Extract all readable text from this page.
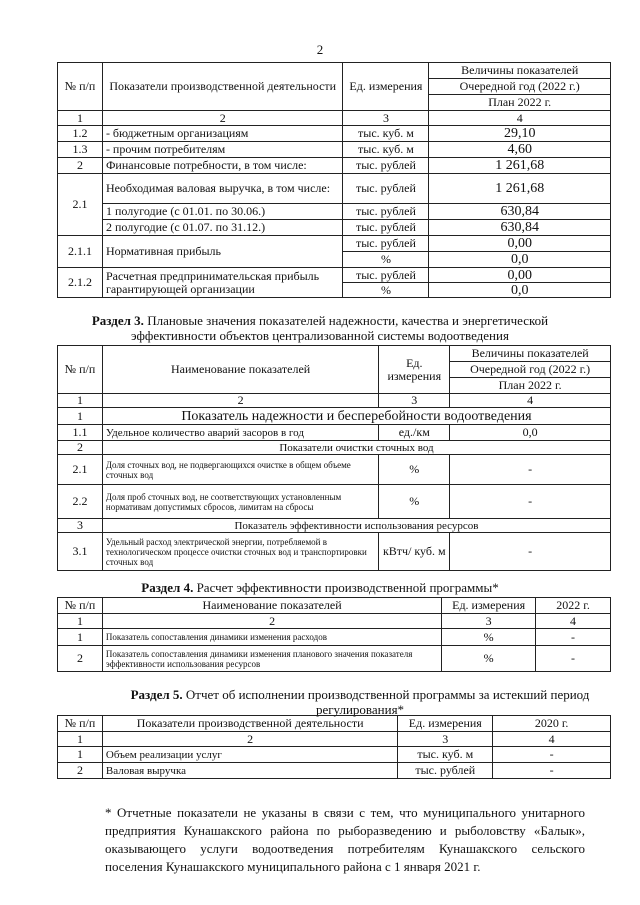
2
№ п/п	Показатели производственной деятельности	Ед. измерения	Величины показателей
			Очередной год (2022 г.)
			План 2022 г.
1	2	3	4
1.2	- бюджетным организациям	тыс. куб. м	29,10
1.3	- прочим потребителям	тыс. куб. м	4,60
2	Финансовые потребности, в том числе:	тыс. рублей	1 261,68
2.1	Необходимая валовая выручка, в том числе:	тыс. рублей	1 261,68
	1 полугодие (с 01.01. по 30.06.)	тыс. рублей	630,84
	2 полугодие (с 01.07. по 31.12.)	тыс. рублей	630,84
2.1.1	Нормативная прибыль	тыс. рублей	0,00
		%	0,0
2.1.2	Расчетная предпринимательская прибыль гарантирующей организации	тыс. рублей	0,00
		%	0,0
Раздел 3. Плановые значения показателей надежности, качества и энергетической эффективности объектов централизованной системы водоотведения
№ п/п	Наименование показателей	Ед. измерения	Величины показателей
			Очередной год (2022 г.)
			План 2022 г.
1	2	3	4
1	Показатель надежности и бесперебойности водоотведения		
1.1	Удельное количество аварий засоров в год	ед./км	0,0
2	Показатели очистки сточных вод		
2.1	Доля сточных вод, не подвергающихся очистке в общем объеме сточных вод	%	-
2.2	Доля проб сточных вод, не соответствующих установленным нормативам допустимых сбросов, лимитам на сбросы	%	-
3	Показатель эффективности использования ресурсов		
3.1	Удельный расход электрической энергии, потребляемой в технологическом процессе очистки сточных вод и транспортировки сточных вод	кВтч/ куб. м	-
Раздел 4. Расчет эффективности производственной программы*
№ п/п	Наименование показателей	Ед. измерения	2022 г.
1	2	3	4
1	Показатель сопоставления динамики изменения расходов	%	-
2	Показатель сопоставления динамики изменения планового значения показателя эффективности использования ресурсов	%	-
Раздел 5. Отчет об исполнении производственной программы за истекший период регулирования*
№ п/п	Показатели производственной деятельности	Ед. измерения	2020 г.
1	2	3	4
1	Объем реализации услуг	тыс. куб. м	-
2	Валовая выручка	тыс. рублей	-
* Отчетные показатели не указаны в связи с тем, что муниципального унитарного предприятия Кунашакского района по рыборазведению и рыболовству «Балык», оказывающего услуги водоотведения потребителям Кунашакского сельского поселения Кунашакского муниципального района с 1 января 2021 г.
